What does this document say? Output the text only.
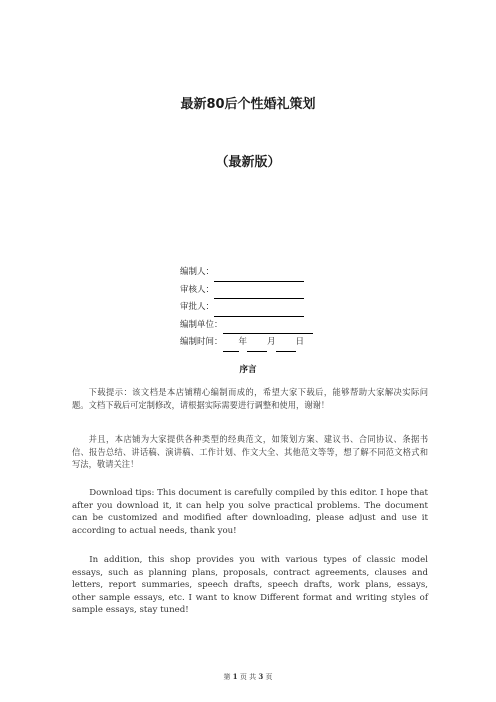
最新80后个性婚礼策划
（最新版）
编制人：
审核人：
审批人：
编制单位：
编制时间： 年 月 日
序言

下载提示：该文档是本店铺精心编制而成的，希望大家下载后，能够帮助大家解决实际问题。文档下载后可定制修改，请根据实际需要进行调整和使用，谢谢！

并且，本店铺为大家提供各种类型的经典范文，如策划方案、建议书、合同协议、条据书信、报告总结、讲话稿、演讲稿、工作计划、作文大全、其他范文等等，想了解不同范文格式和写法，敬请关注！

Download tips: This document is carefully compiled by this editor. I hope that after you download it, it can help you solve practical problems. The document can be customized and modified after downloading, please adjust and use it according to actual needs, thank you!

In addition, this shop provides you with various types of classic model essays, such as planning plans, proposals, contract agreements, clauses and letters, report summaries, speech drafts, speech drafts, work plans, essays, other sample essays, etc. I want to know Different format and writing styles of sample essays, stay tuned!

第 1 页 共 3 页
